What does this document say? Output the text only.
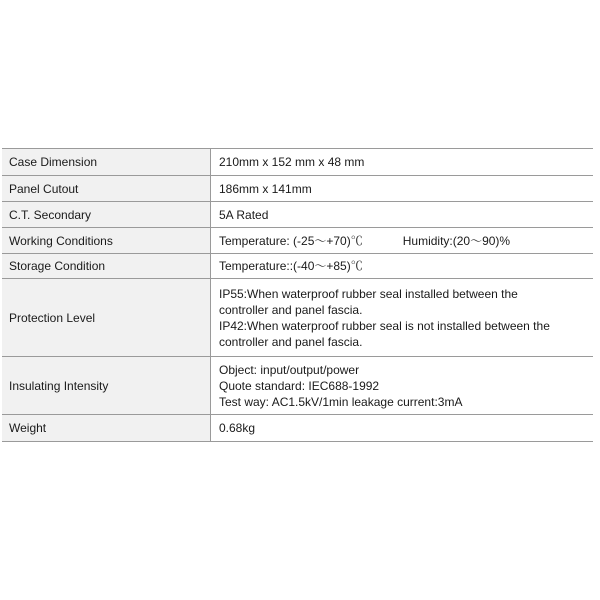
Case Dimension	210mm x 152 mm x 48 mm
Panel Cutout	186mm x 141mm
C.T. Secondary	5A Rated
Working Conditions	Temperature: (-25～+70)℃ Humidity:(20～90)%
Storage Condition	Temperature::(-40～+85)℃
Protection Level	IP55:When waterproof rubber seal installed between the
controller and panel fascia.
IP42:When waterproof rubber seal is not installed between the
controller and panel fascia.

Insulating Intensity	Object: input/output/power
Quote standard: IEC688-1992
Test way: AC1.5kV/1min leakage current:3mA

Weight	0.68kg
